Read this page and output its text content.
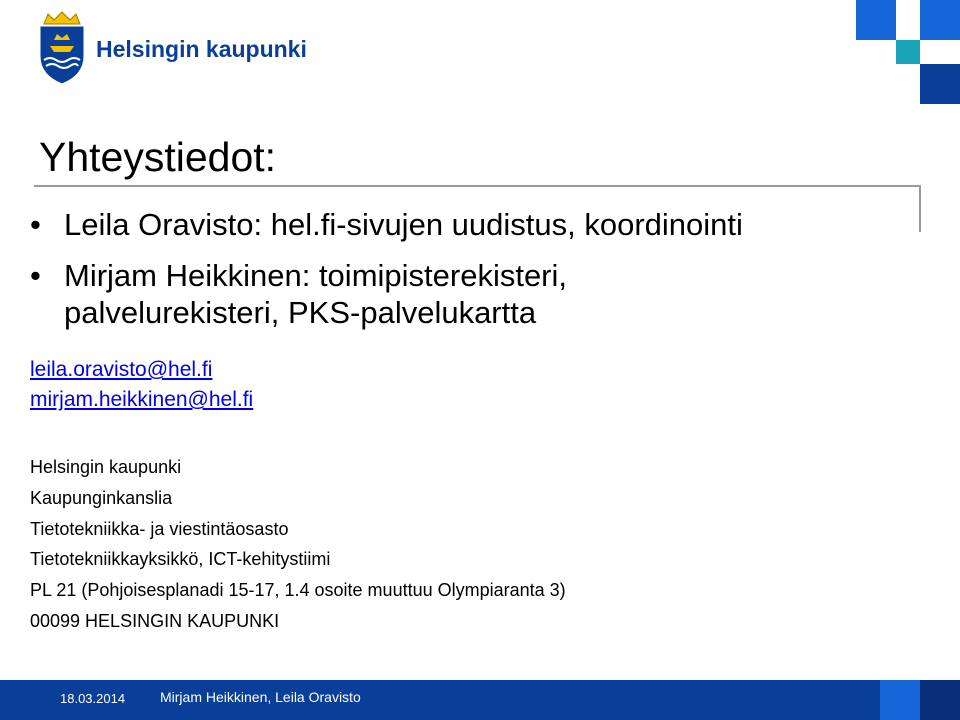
Helsingin kaupunki
Yhteystiedot:
• Leila Oravisto: hel.fi-sivujen uudistus, koordinointi
• Mirjam Heikkinen: toimipisterekisteri,
palvelurekisteri, PKS-palvelukartta
leila.oravisto@hel.fi
mirjam.heikkinen@hel.fi
Helsingin kaupunki
Kaupunginkanslia
Tietotekniikka- ja viestintäosasto
Tietotekniikkayksikkö, ICT-kehitystiimi
PL 21 (Pohjoisesplanadi 15-17, 1.4 osoite muuttuu Olympiaranta 3)
00099 HELSINGIN KAUPUNKI
18.03.2014 Mirjam Heikkinen, Leila Oravisto
